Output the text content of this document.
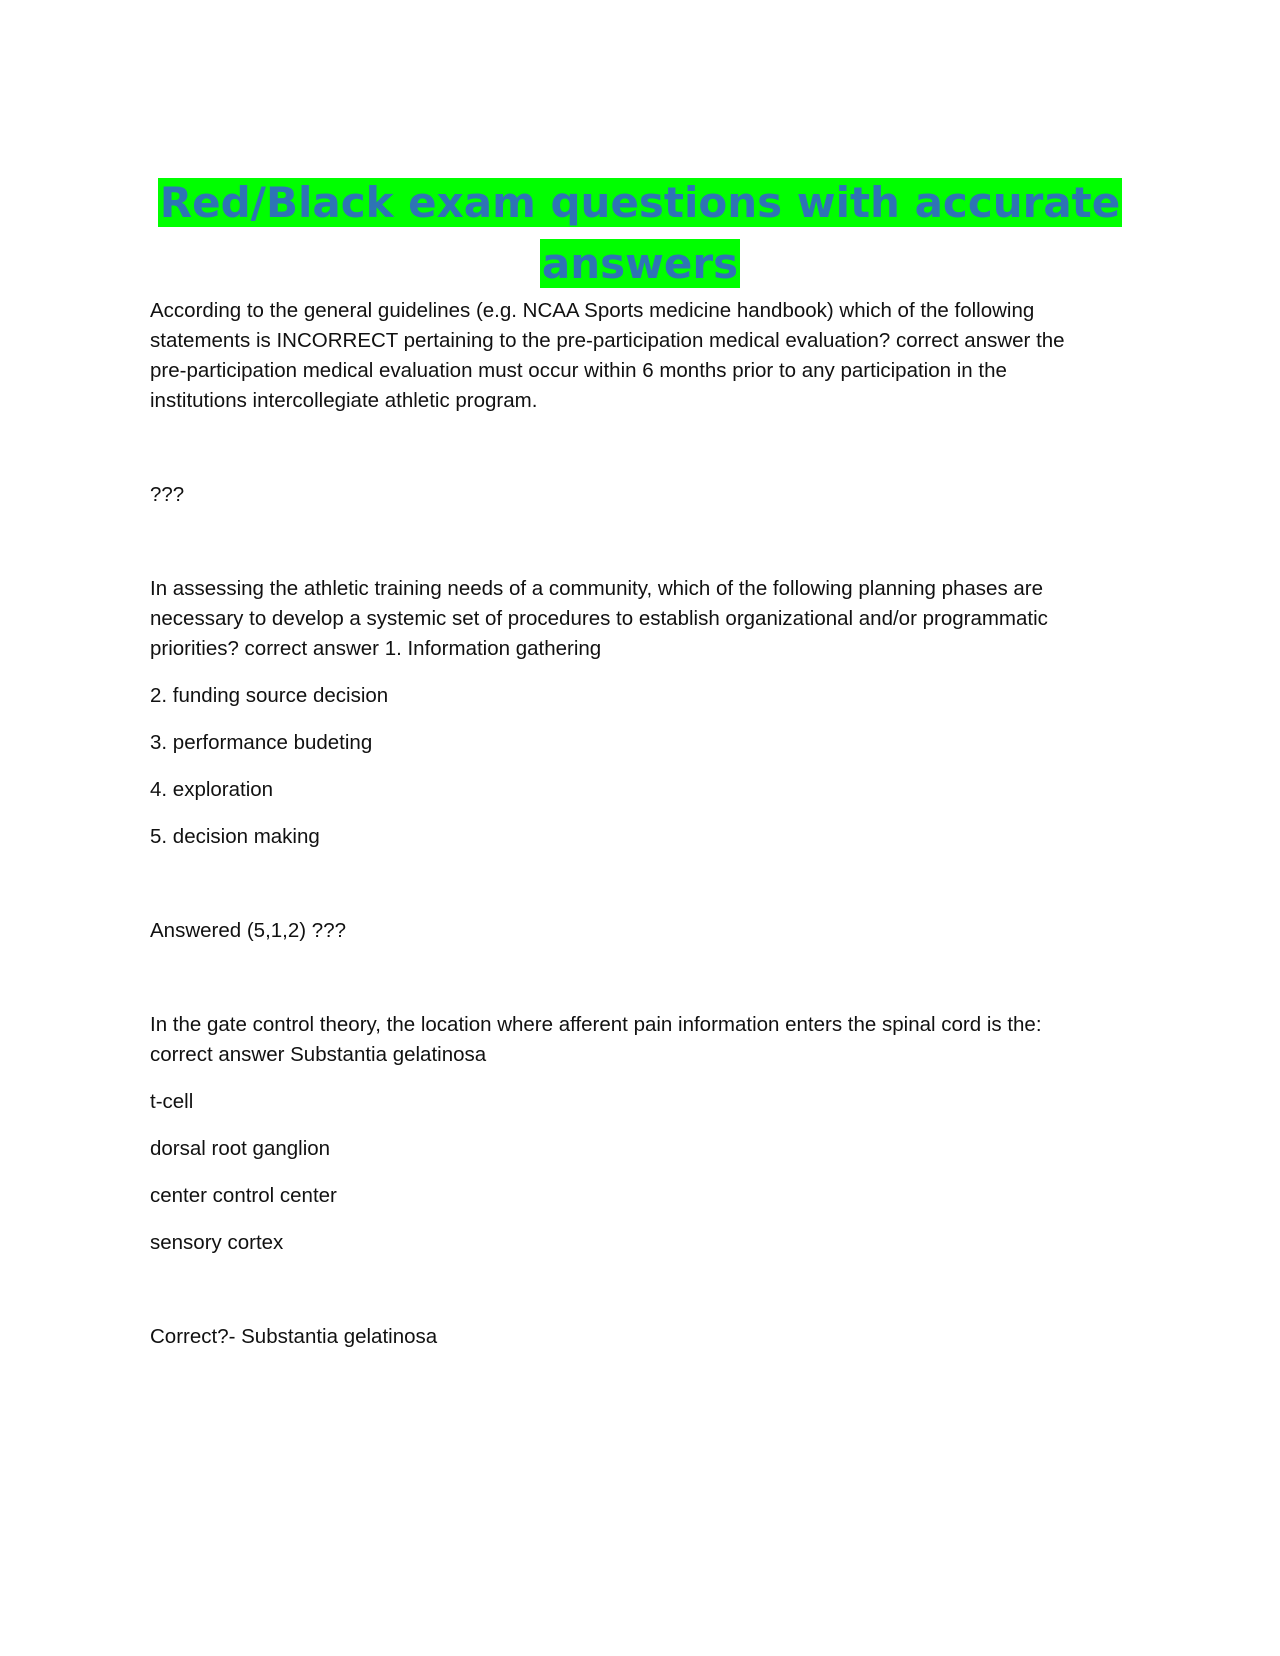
Red/Black exam questions with accurate answers

According to the general guidelines (e.g. NCAA Sports medicine handbook) which of the following statements is INCORRECT pertaining to the pre-participation medical evaluation? correct answer the pre-participation medical evaluation must occur within 6 months prior to any participation in the institutions intercollegiate athletic program.

???

In assessing the athletic training needs of a community, which of the following planning phases are necessary to develop a systemic set of procedures to establish organizational and/or programmatic priorities? correct answer 1. Information gathering

2. funding source decision

3. performance budeting

4. exploration

5. decision making

Answered (5,1,2) ???

In the gate control theory, the location where afferent pain information enters the spinal cord is the: correct answer Substantia gelatinosa

t-cell

dorsal root ganglion

center control center

sensory cortex

Correct?- Substantia gelatinosa
